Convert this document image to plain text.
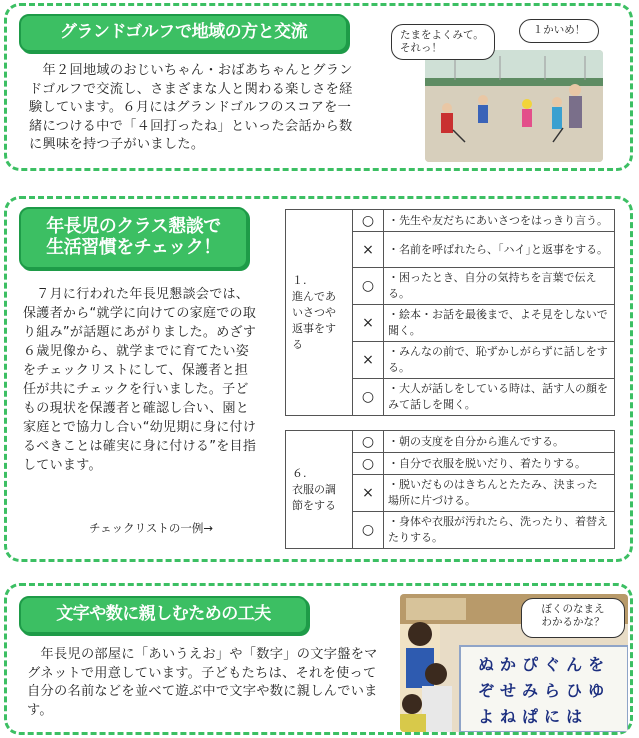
グランドゴルフで地域の方と交流
　年２回地域のおじいちゃん・おばあちゃんとグランドゴルフで交流し、さまざまな人と関わる楽しさを経験しています。６月にはグランドゴルフのスコアを一緒につける中で「４回打ったね」といった会話から数に興味を持つ子がいました。
たまをよくみて。
それっ！
１かいめ！
年長児のクラス懇談で
生活習慣をチェック！
　７月に行われた年長児懇談会では、保護者から“就学に向けての家庭での取り組み”が話題にあがりました。めざす６歳児像から、就学までに育てたい姿をチェックリストにして、保護者と担任が共にチェックを行いました。子どもの現状を保護者と確認し合い、園と家庭とで協力し合い“幼児期に身に付けるべきことは確実に身に付ける”を目指しています。
チェックリストの一例→
１.
進んであいさつや返事をする	○	・先生や友だちにあいさつをはっきり言う。
	×	・名前を呼ばれたら、｢ハイ｣と返事をする。
	○	・困ったとき、自分の気持ちを言葉で伝える。
	×	・絵本・お話を最後まで、よそ見をしないで聞く。
	×	・みんなの前で、恥ずかしがらずに話しをする。
	○	・大人が話しをしている時は、話す人の顔をみて話しを聞く。
６.
衣服の調節をする	○	・朝の支度を自分から進んでする。
	○	・自分で衣服を脱いだり、着たりする。
	×	・脱いだものはきちんとたたみ、決まった場所に片づける。
	○	・身体や衣服が汚れたら、洗ったり、着替えたりする。
文字や数に親しむための工夫
　年長児の部屋に「あいうえお」や「数字」の文字盤をマグネットで用意しています。子どもたちは、それを使って自分の名前などを並べて遊ぶ中で文字や数に親しんでいます。
ぬ か ぴ ぐ ん を
ぞ せ み ら ひ ゆ
よ ね ぱ に は
ぼくのなまえ
わかるかな？
